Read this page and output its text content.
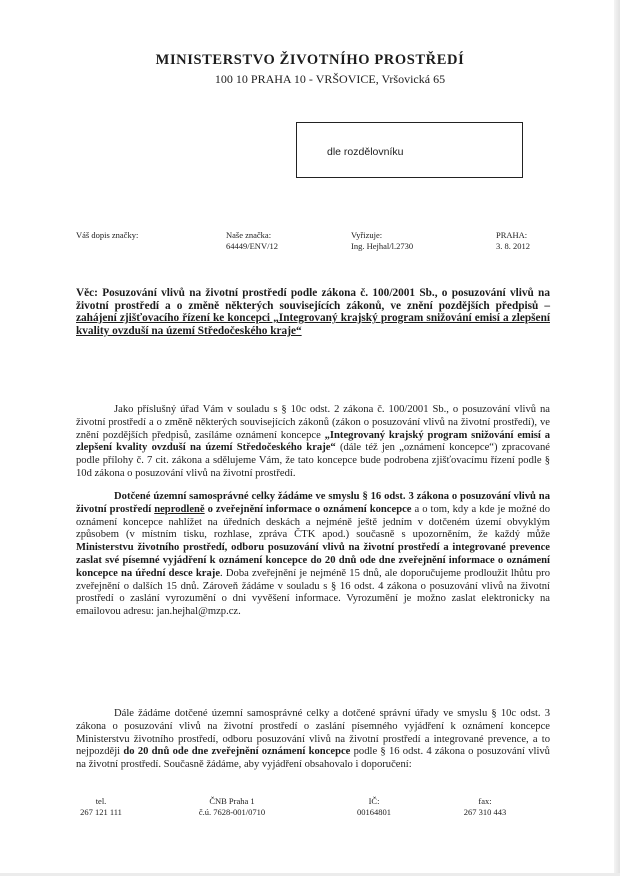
MINISTERSTVO ŽIVOTNÍHO PROSTŘEDÍ
100 10 PRAHA 10 - VRŠOVICE, Vršovická 65
dle rozdělovníku
Váš dopis značky:	Naše značka:
64449/ENV/12
Vyřizuje:
Ing. Hejhal/l.2730
PRAHA:
3. 8. 2012
Věc: Posuzování vlivů na životní prostředí podle zákona č. 100/2001 Sb., o posuzování vlivů na životní prostředí a o změně některých souvisejících zákonů, ve znění pozdějších předpisů – zahájení zjišťovacího řízení ke koncepci „Integrovaný krajský program snižování emisí a zlepšení kvality ovzduší na území Středočeského kraje“
Jako příslušný úřad Vám v souladu s § 10c odst. 2 zákona č. 100/2001 Sb., o posuzování vlivů na životní prostředí a o změně některých souvisejících zákonů (zákon o posuzování vlivů na životní prostředí), ve znění pozdějších předpisů, zasíláme oznámení koncepce „Integrovaný krajský program snižování emisí a zlepšení kvality ovzduší na území Středočeského kraje“ (dále též jen „oznámení koncepce“) zpracované podle přílohy č. 7 cit. zákona a sdělujeme Vám, že tato koncepce bude podrobena zjišťovacímu řízení podle § 10d zákona o posuzování vlivů na životní prostředí.
Dotčené územní samosprávné celky žádáme ve smyslu § 16 odst. 3 zákona o posuzování vlivů na životní prostředí neprodleně o zveřejnění informace o oznámení koncepce a o tom, kdy a kde je možné do oznámení koncepce nahlížet na úředních deskách a nejméně ještě jedním v dotčeném území obvyklým způsobem (v místním tisku, rozhlase, zpráva ČTK apod.) současně s upozorněním, že každý může Ministerstvu životního prostředí, odboru posuzování vlivů na životní prostředí a integrované prevence zaslat své písemné vyjádření k oznámení koncepce do 20 dnů ode dne zveřejnění informace o oznámení koncepce na úřední desce kraje. Doba zveřejnění je nejméně 15 dnů, ale doporučujeme prodloužit lhůtu pro zveřejnění o dalších 15 dnů. Zároveň žádáme v souladu s § 16 odst. 4 zákona o posuzování vlivů na životní prostředí o zaslání vyrozumění o dni vyvěšení informace. Vyrozumění je možno zaslat elektronicky na emailovou adresu: jan.hejhal@mzp.cz.
Dále žádáme dotčené územní samosprávné celky a dotčené správní úřady ve smyslu § 10c odst. 3 zákona o posuzování vlivů na životní prostředí o zaslání písemného vyjádření k oznámení koncepce Ministerstvu životního prostředí, odboru posuzování vlivů na životní prostředí a integrované prevence, a to nejpozději do 20 dnů ode dne zveřejnění oznámení koncepce podle § 16 odst. 4 zákona o posuzování vlivů na životní prostředí. Současně žádáme, aby vyjádření obsahovalo i doporučení:
tel.
267 121 111
ČNB Praha 1
č.ú. 7628-001/0710
IČ:
00164801
fax:
267 310 443
